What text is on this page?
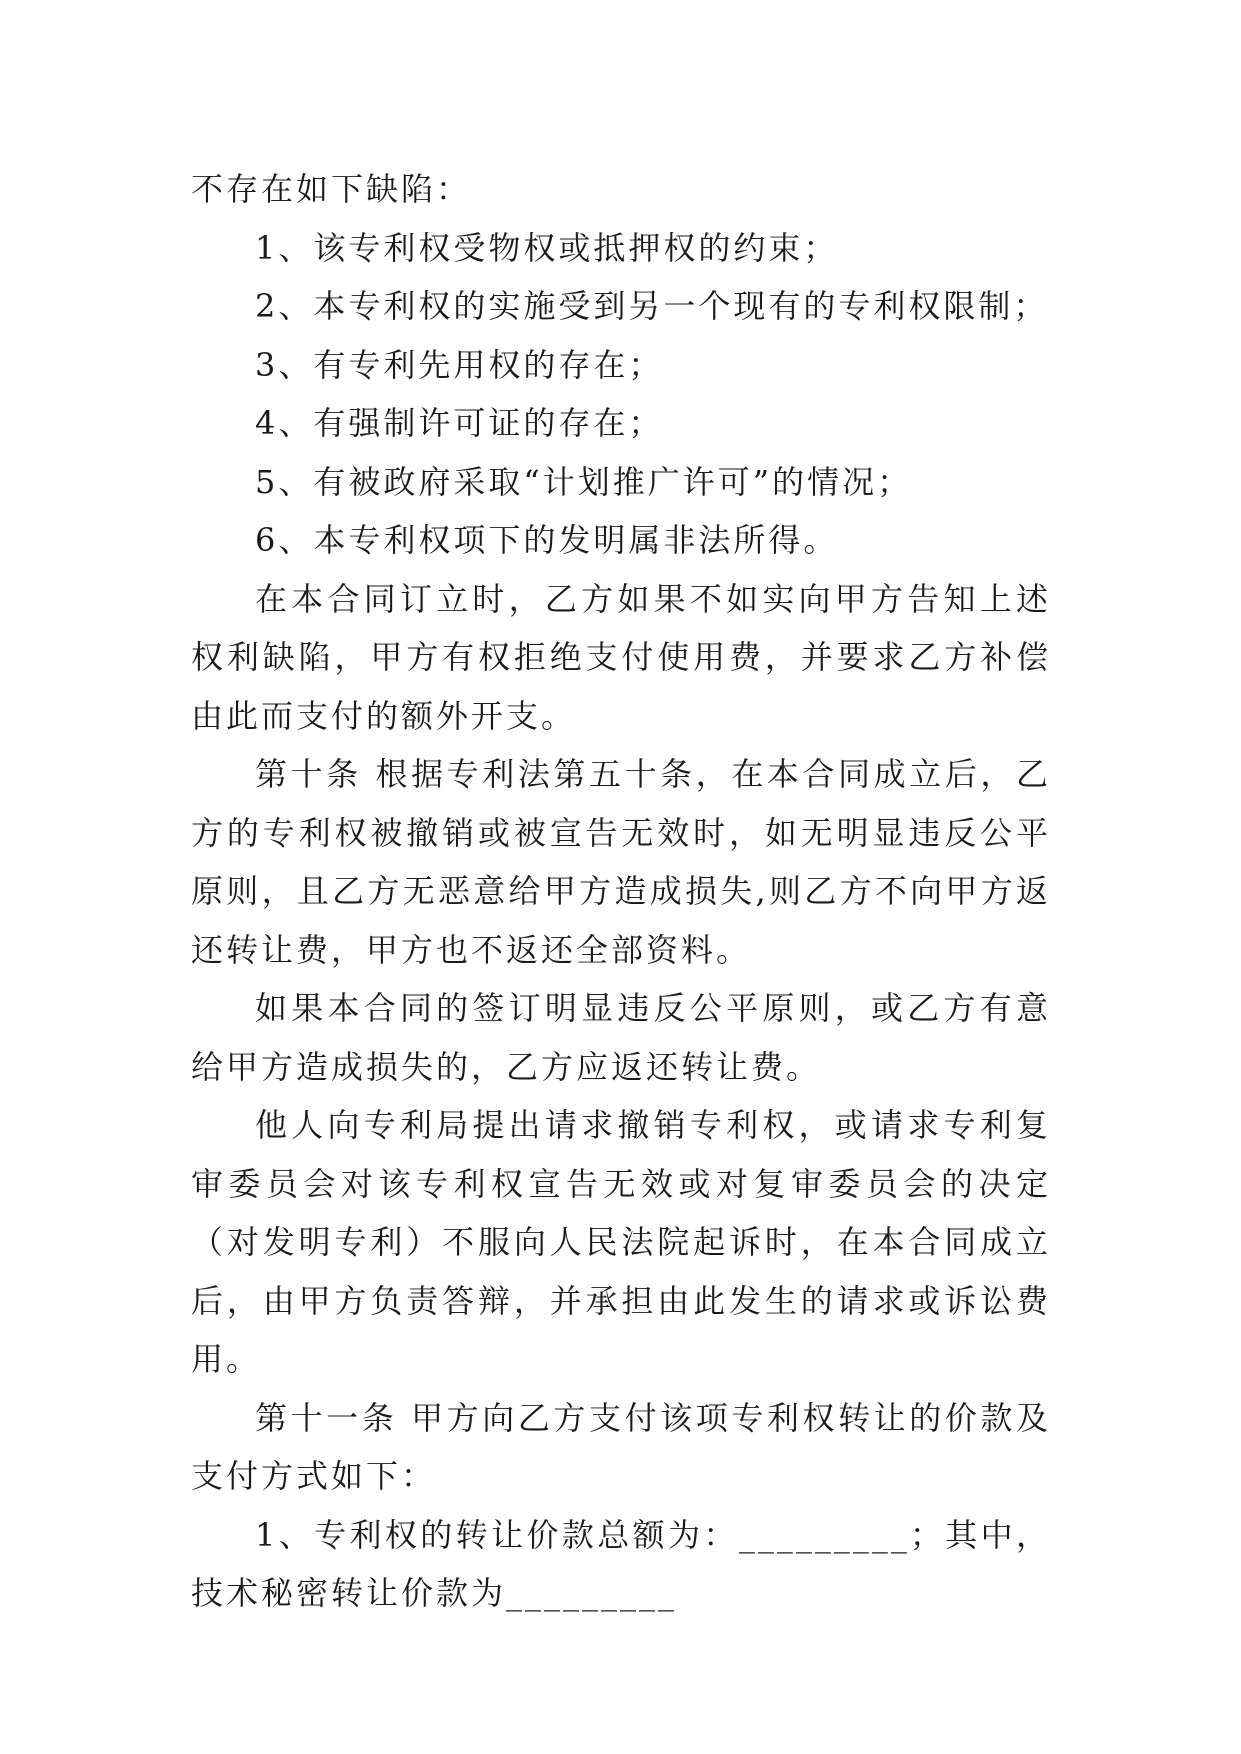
不存在如下缺陷：

1、该专利权受物权或抵押权的约束；

2、本专利权的实施受到另一个现有的专利权限制；

3、有专利先用权的存在；

4、有强制许可证的存在；

5、有被政府采取“计划推广许可”的情况；

6、本专利权项下的发明属非法所得。

在本合同订立时，乙方如果不如实向甲方告知上述权利缺陷，甲方有权拒绝支付使用费，并要求乙方补偿由此而支付的额外开支。

第十条 根据专利法第五十条，在本合同成立后，乙方的专利权被撤销或被宣告无效时，如无明显违反公平原则，且乙方无恶意给甲方造成损失,则乙方不向甲方返还转让费，甲方也不返还全部资料。

如果本合同的签订明显违反公平原则，或乙方有意给甲方造成损失的，乙方应返还转让费。

他人向专利局提出请求撤销专利权，或请求专利复审委员会对该专利权宣告无效或对复审委员会的决定（对发明专利）不服向人民法院起诉时，在本合同成立后，由甲方负责答辩，并承担由此发生的请求或诉讼费用。

第十一条 甲方向乙方支付该项专利权转让的价款及支付方式如下：

1、专利权的转让价款总额为：_________；其中，技术秘密转让价款为_________
